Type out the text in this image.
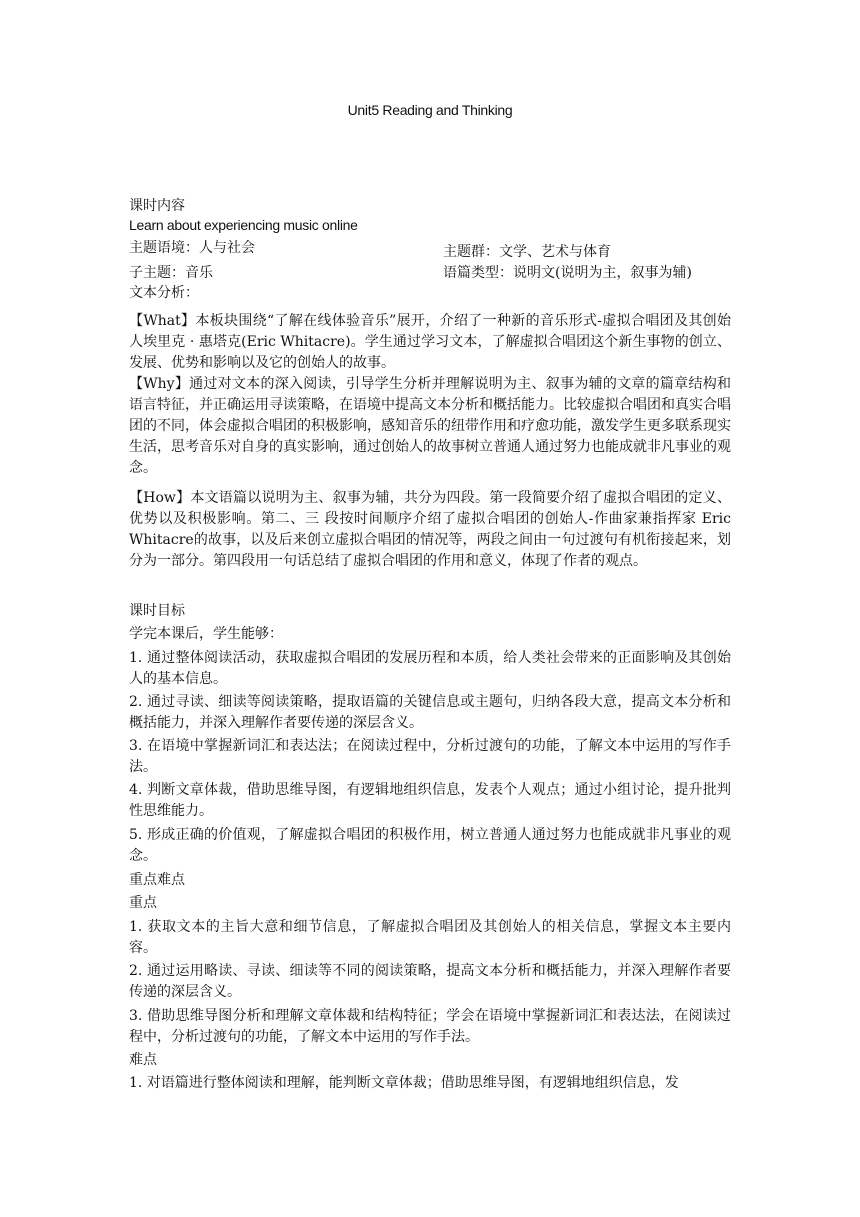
Unit5 Reading and Thinking
课时内容
Learn about experiencing music online
主题语境：人与社会	主题群：文学、艺术与体育
子主题：音乐	语篇类型：说明文(说明为主，叙事为辅)
文本分析：
【What】本板块围绕“了解在线体验音乐”展开，介绍了一种新的音乐形式-虚拟合唱团及其创始人埃里克 · 惠塔克(Eric Whitacre)。学生通过学习文本，了解虚拟合唱团这个新生事物的创立、发展、优势和影响以及它的创始人的故事。
【Why】通过对文本的深入阅读，引导学生分析并理解说明为主、叙事为辅的文章的篇章结构和语言特征，并正确运用寻读策略，在语境中提高文本分析和概括能力。比较虚拟合唱团和真实合唱团的不同，体会虚拟合唱团的积极影响，感知音乐的纽带作用和疗愈功能，激发学生更多联系现实生活，思考音乐对自身的真实影响，通过创始人的故事树立普通人通过努力也能成就非凡事业的观念。
【How】本文语篇以说明为主、叙事为辅，共分为四段。第一段简要介绍了虚拟合唱团的定义、优势以及积极影响。第二、三 段按时间顺序介绍了虚拟合唱团的创始人-作曲家兼指挥家 Eric Whitacre的故事，以及后来创立虚拟合唱团的情况等，两段之间由一句过渡句有机衔接起来，划分为一部分。第四段用一句话总结了虚拟合唱团的作用和意义，体现了作者的观点。
课时目标
学完本课后，学生能够：
1. 通过整体阅读活动，获取虚拟合唱团的发展历程和本质，给人类社会带来的正面影响及其创始人的基本信息。
2. 通过寻读、细读等阅读策略，提取语篇的关键信息或主题句，归纳各段大意，提高文本分析和概括能力，并深入理解作者要传递的深层含义。
3. 在语境中掌握新词汇和表达法；在阅读过程中，分析过渡句的功能，了解文本中运用的写作手法。
4. 判断文章体裁，借助思维导图，有逻辑地组织信息，发表个人观点；通过小组讨论，提升批判性思维能力。
5. 形成正确的价值观，了解虚拟合唱团的积极作用，树立普通人通过努力也能成就非凡事业的观念。
重点难点
重点
1. 获取文本的主旨大意和细节信息，了解虚拟合唱团及其创始人的相关信息，掌握文本主要内容。
2. 通过运用略读、寻读、细读等不同的阅读策略，提高文本分析和概括能力，并深入理解作者要传递的深层含义。
3. 借助思维导图分析和理解文章体裁和结构特征；学会在语境中掌握新词汇和表达法，在阅读过程中，分析过渡句的功能，了解文本中运用的写作手法。
难点
1. 对语篇进行整体阅读和理解，能判断文章体裁；借助思维导图，有逻辑地组织信息，发
